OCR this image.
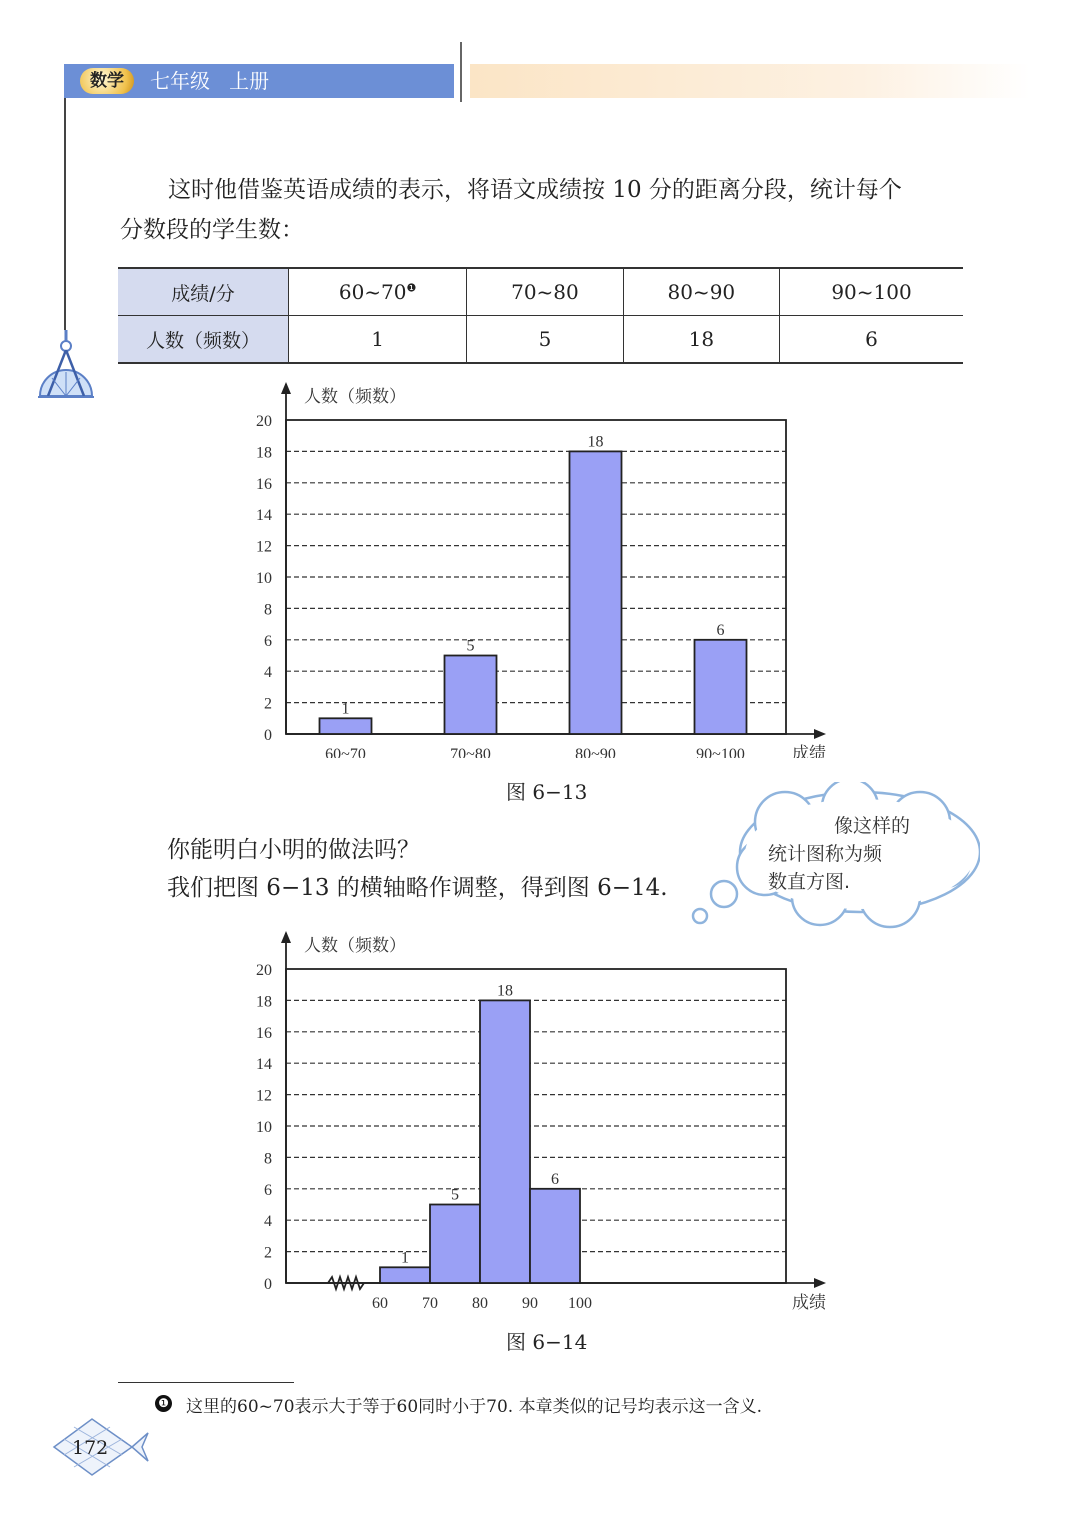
数学	七年级   上册
这时他借鉴英语成绩的表示，将语文成绩按 10 分的距离分段，统计每个
分数段的学生数：
成绩/分	60~70$^❶$	70~80	80~90	90~100
人数（频数）	1	5	18	6
0
2
4
6
8
10
12
14
16
18
20
人数（频数）
成绩
1
60~70
5
70~80
18
80~90
6
90~100
图 6−13
你能明白小明的做法吗？
我们把图 6−13 的横轴略作调整，得到图 6−14.
像这样的
统计图称为频
数直方图.
0
2
4
6
8
10
12
14
16
18
20
人数（频数）
成绩
1
5
18
6
60 70 80 90 100
图 6−14
❶ 这里的60~70表示大于等于60同时小于70. 本章类似的记号均表示这一含义.
172
